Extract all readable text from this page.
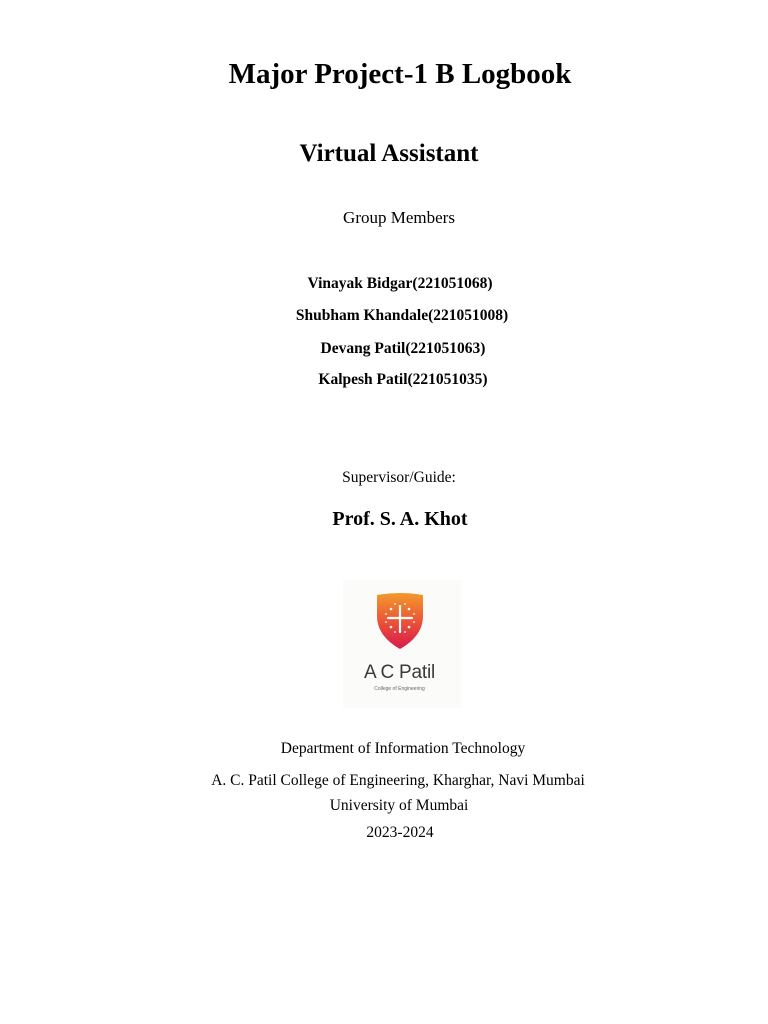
Major Project-1 B Logbook
Virtual Assistant
Group Members
Vinayak Bidgar(221051068)
Shubham Khandale(221051008)
Devang Patil(221051063)
Kalpesh Patil(221051035)
Supervisor/Guide:
Prof. S. A. Khot
A C Patil
College of Engineering
Department of Information Technology
A. C. Patil College of Engineering, Kharghar, Navi Mumbai
University of Mumbai
2023-2024
